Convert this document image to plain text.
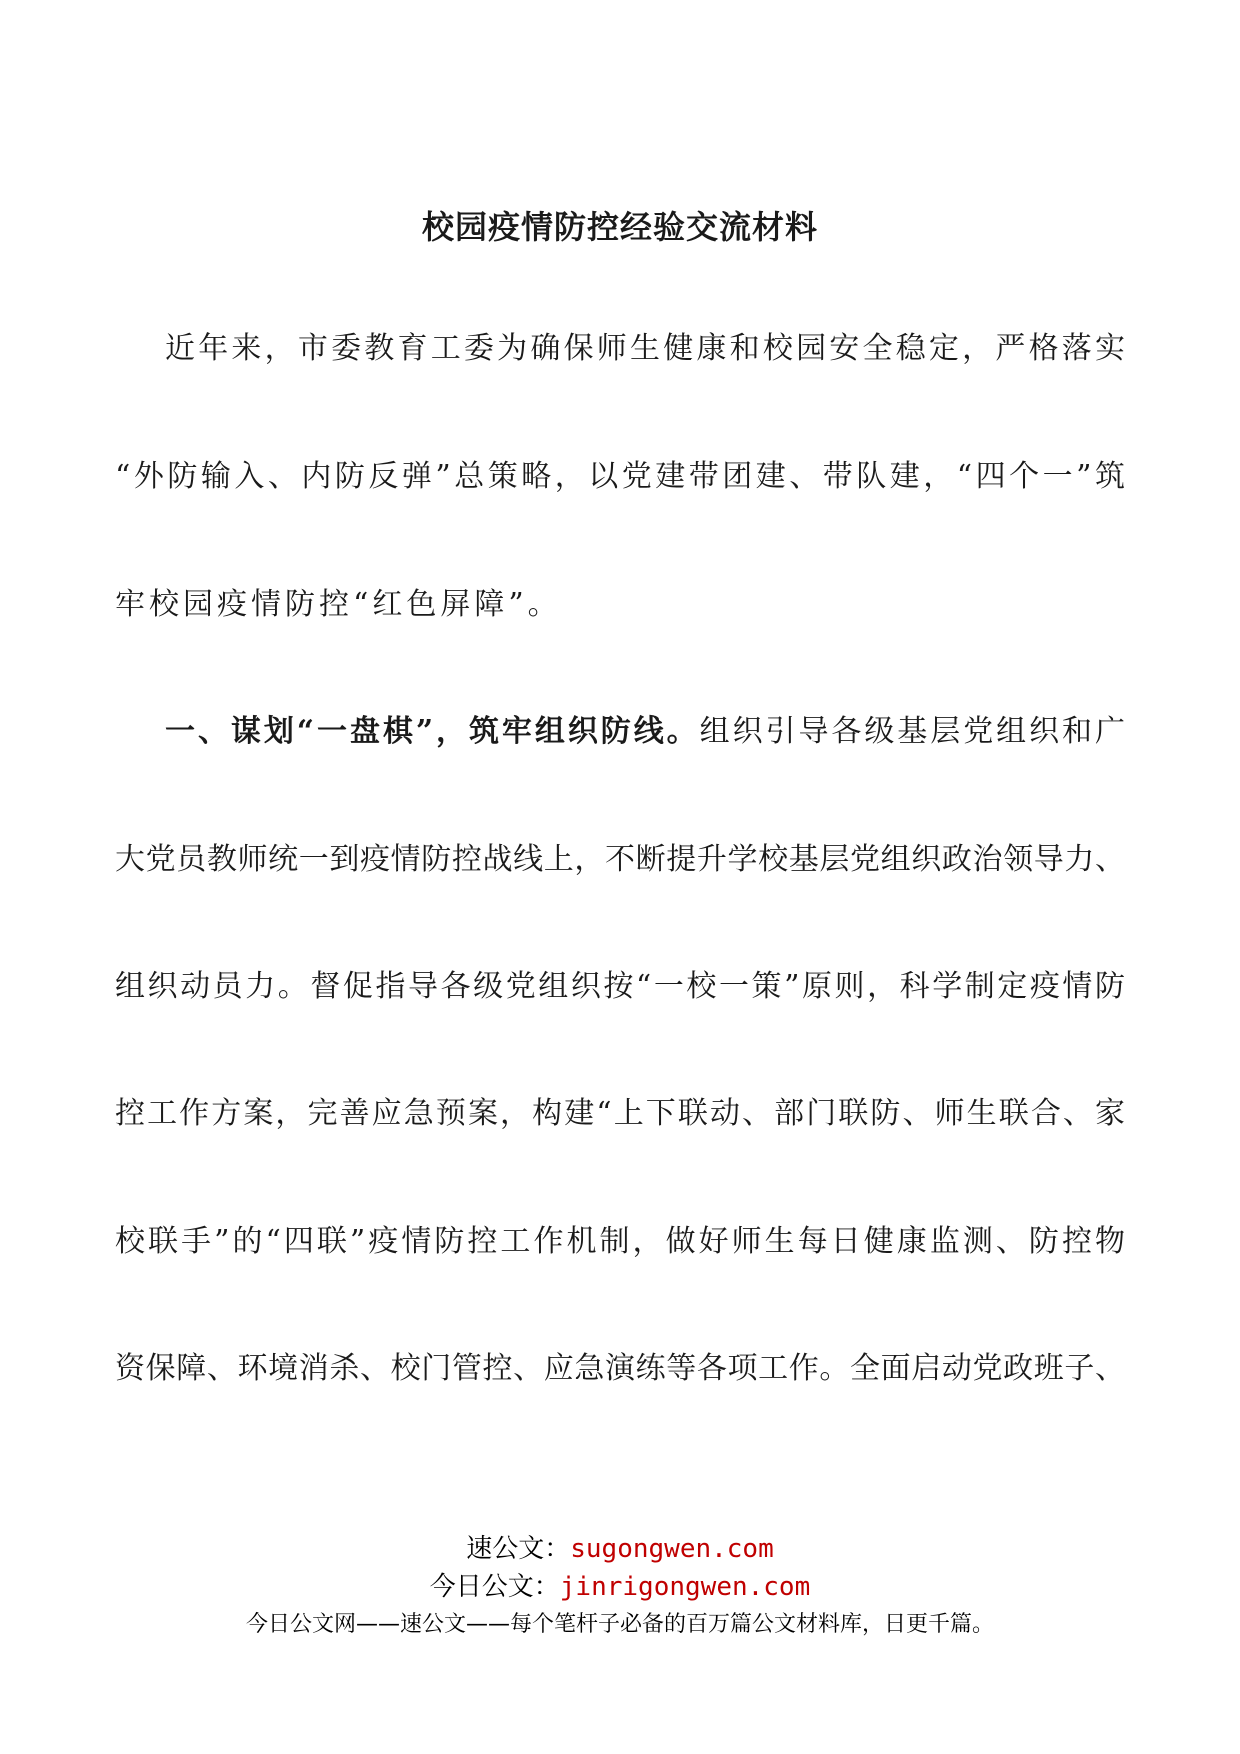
校园疫情防控经验交流材料
近年来，市委教育工委为确保师生健康和校园安全稳定，严格落实
“外防输入、内防反弹”总策略，以党建带团建、带队建，“四个一”筑
牢校园疫情防控“红色屏障”。
一、谋划“一盘棋”，筑牢组织防线。组织引导各级基层党组织和广
大党员教师统一到疫情防控战线上，不断提升学校基层党组织政治领导力、
组织动员力。督促指导各级党组织按“一校一策”原则，科学制定疫情防
控工作方案，完善应急预案，构建“上下联动、部门联防、师生联合、家
校联手”的“四联”疫情防控工作机制，做好师生每日健康监测、防控物
资保障、环境消杀、校门管控、应急演练等各项工作。全面启动党政班子、
速公文：sugongwen.com
今日公文：jinrigongwen.com
今日公文网——速公文——每个笔杆子必备的百万篇公文材料库，日更千篇。
